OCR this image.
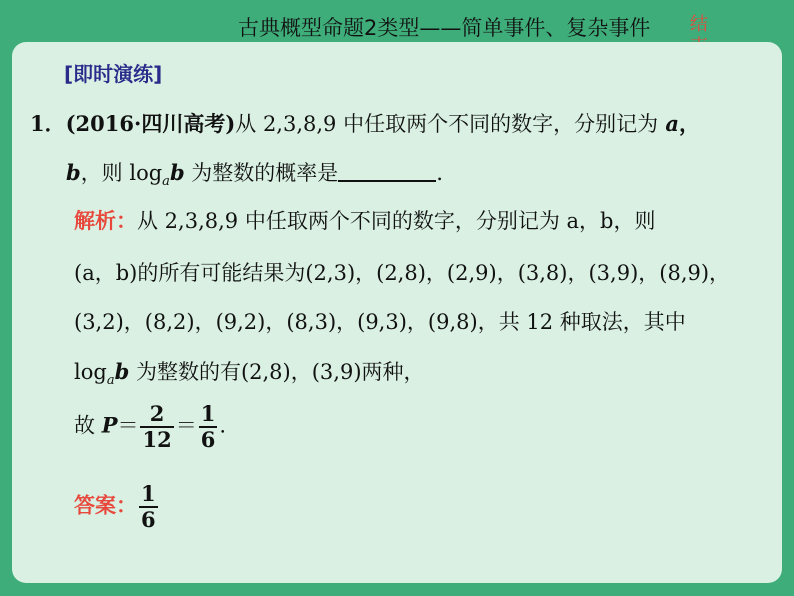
古典概型命题2类型——简单事件、复杂事件 结
[即时演练]
1．(2016·四川高考)从 2,3,8,9 中任取两个不同的数字，分别记为 a，
b，则 $\log_ab$ 为整数的概率是	．
解析：从 2,3,8,9 中任取两个不同的数字，分别记为 a，b，则
(a，b)的所有可能结果为(2,3)，(2,8)，(2,9)，(3,8)，(3,9)，(8,9)，
(3,2)，(8,2)，(9,2)，(8,3)，(9,3)，(9,8)，共 12 种取法，其中
$\log_ab$ 为整数的有(2,8)，(3,9)两种，
故 $P= \frac{2}{12} = \frac{1}{6}$ .
答案： $\frac{1}{6}$
